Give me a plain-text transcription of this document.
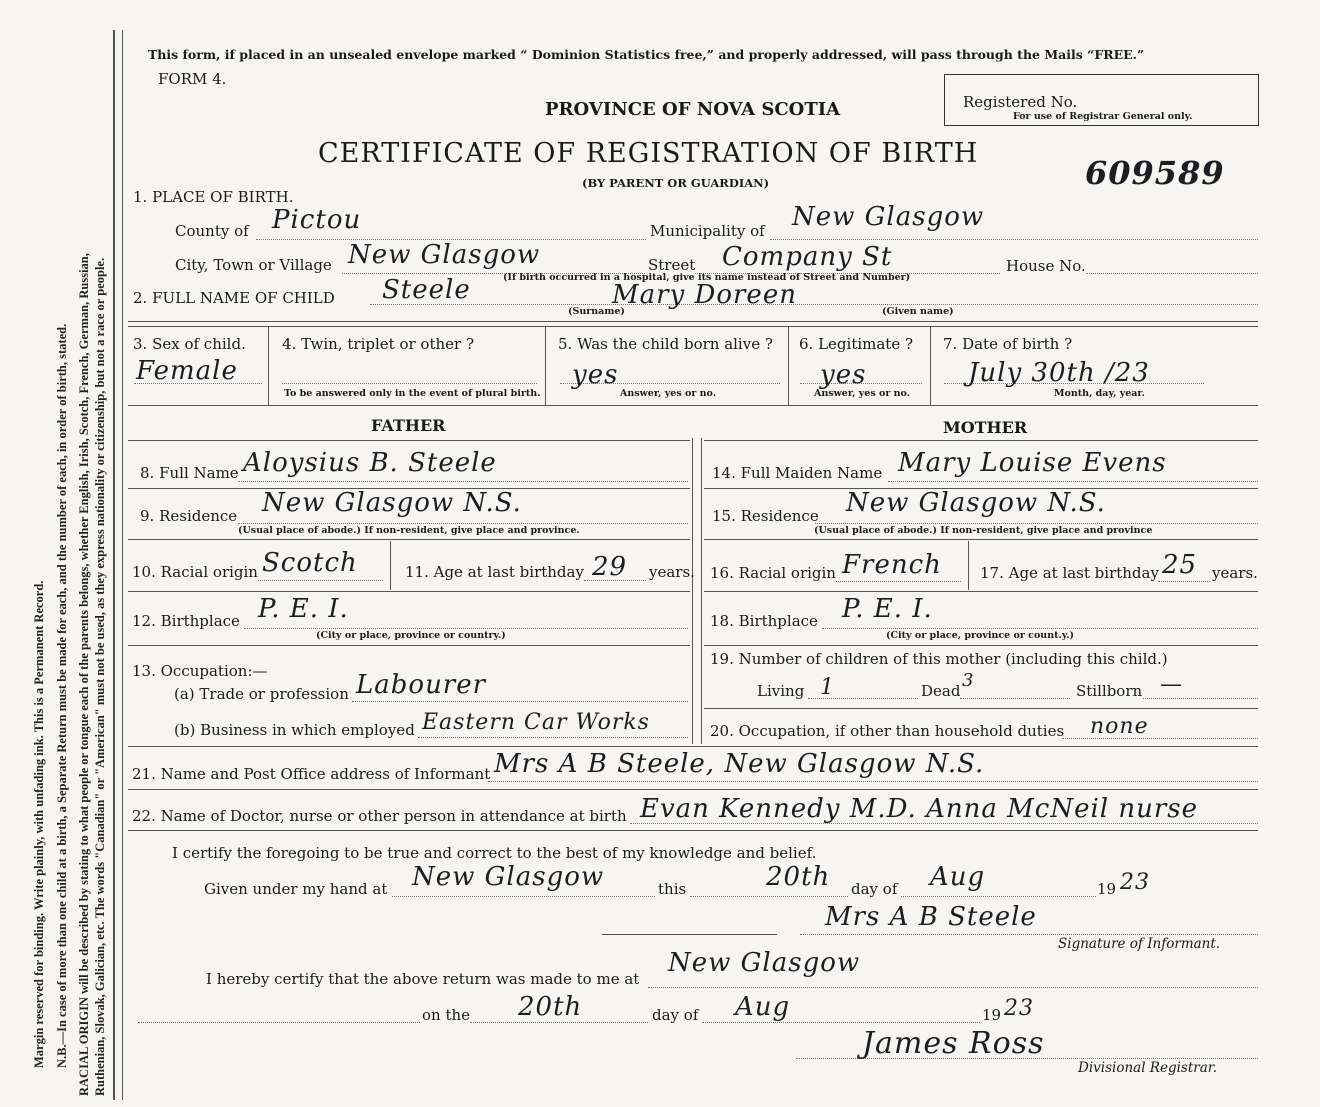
Margin reserved for binding. Write plainly, with unfading ink. This is a Permanent Record. N.B.—In case of more than one child at a birth, a Separate Return must be made for each, and the number of each, in order of birth, stated. RACIAL ORIGIN will be described by stating to what people or tongue each of the parents belongs, whether English, Irish, Scotch, French, German, Russian, Ruthenian, Slovak, Galician, etc. The words "Canadian" or "American" must not be used, as they express nationality or citizenship, but not a race or people.
This form, if placed in an unsealed envelope marked “ Dominion Statistics free,” and properly addressed, will pass through the Mails “FREE.”
FORM 4.
PROVINCE OF NOVA SCOTIA
CERTIFICATE OF REGISTRATION OF BIRTH
(BY PARENT OR GUARDIAN)
Registered No.
For use of Registrar General only.
609589
1. PLACE OF BIRTH.
County of Pictou	Municipality of New Glasgow
City, Town or Village New Glasgow	Street Company St	House No.
(If birth occurred in a hospital, give its name instead of Street and Number)
2. FULL NAME OF CHILD Steele	Mary Doreen
(Surname)	(Given name)
3. Sex of child.
Female
4. Twin, triplet or other ?
To be answered only in the event of plural birth.
5. Was the child born alive ?
yes
Answer, yes or no.
6. Legitimate ?
yes
Answer, yes or no.
7. Date of birth ?
July 30th /23
Month, day, year.
FATHER	MOTHER
8. Full Name Aloysius B. Steele
9. Residence New Glasgow N.S.
(Usual place of abode.) If non-resident, give place and province.
10. Racial origin Scotch	11. Age at last birthday 29 years.
12. Birthplace P. E. I.
(City or place, province or country.)
13. Occupation:—
(a) Trade or profession Labourer
(b) Business in which employed Eastern Car Works
14. Full Maiden Name Mary Louise Evens
15. Residence New Glasgow N.S.
(Usual place of abode.) If non-resident, give place and province
16. Racial origin French	17. Age at last birthday 25 years.
18. Birthplace P. E. I.
(City or place, province or count.y.)
19. Number of children of this mother (including this child.)
Living 1	Dead 3	Stillborn —
20. Occupation, if other than household duties none
21. Name and Post Office address of Informant Mrs A B Steele, New Glasgow N.S.
22. Name of Doctor, nurse or other person in attendance at birth Evan Kennedy M.D. Anna McNeil nurse
I certify the foregoing to be true and correct to the best of my knowledge and belief.
Given under my hand at New Glasgow	this	20th day of Aug	19 23
Mrs A B Steele
Signature of Informant.
I hereby certify that the above return was made to me at
New Glasgow
on the 20th	day of Aug	19 23
James Ross
Divisional Registrar.
